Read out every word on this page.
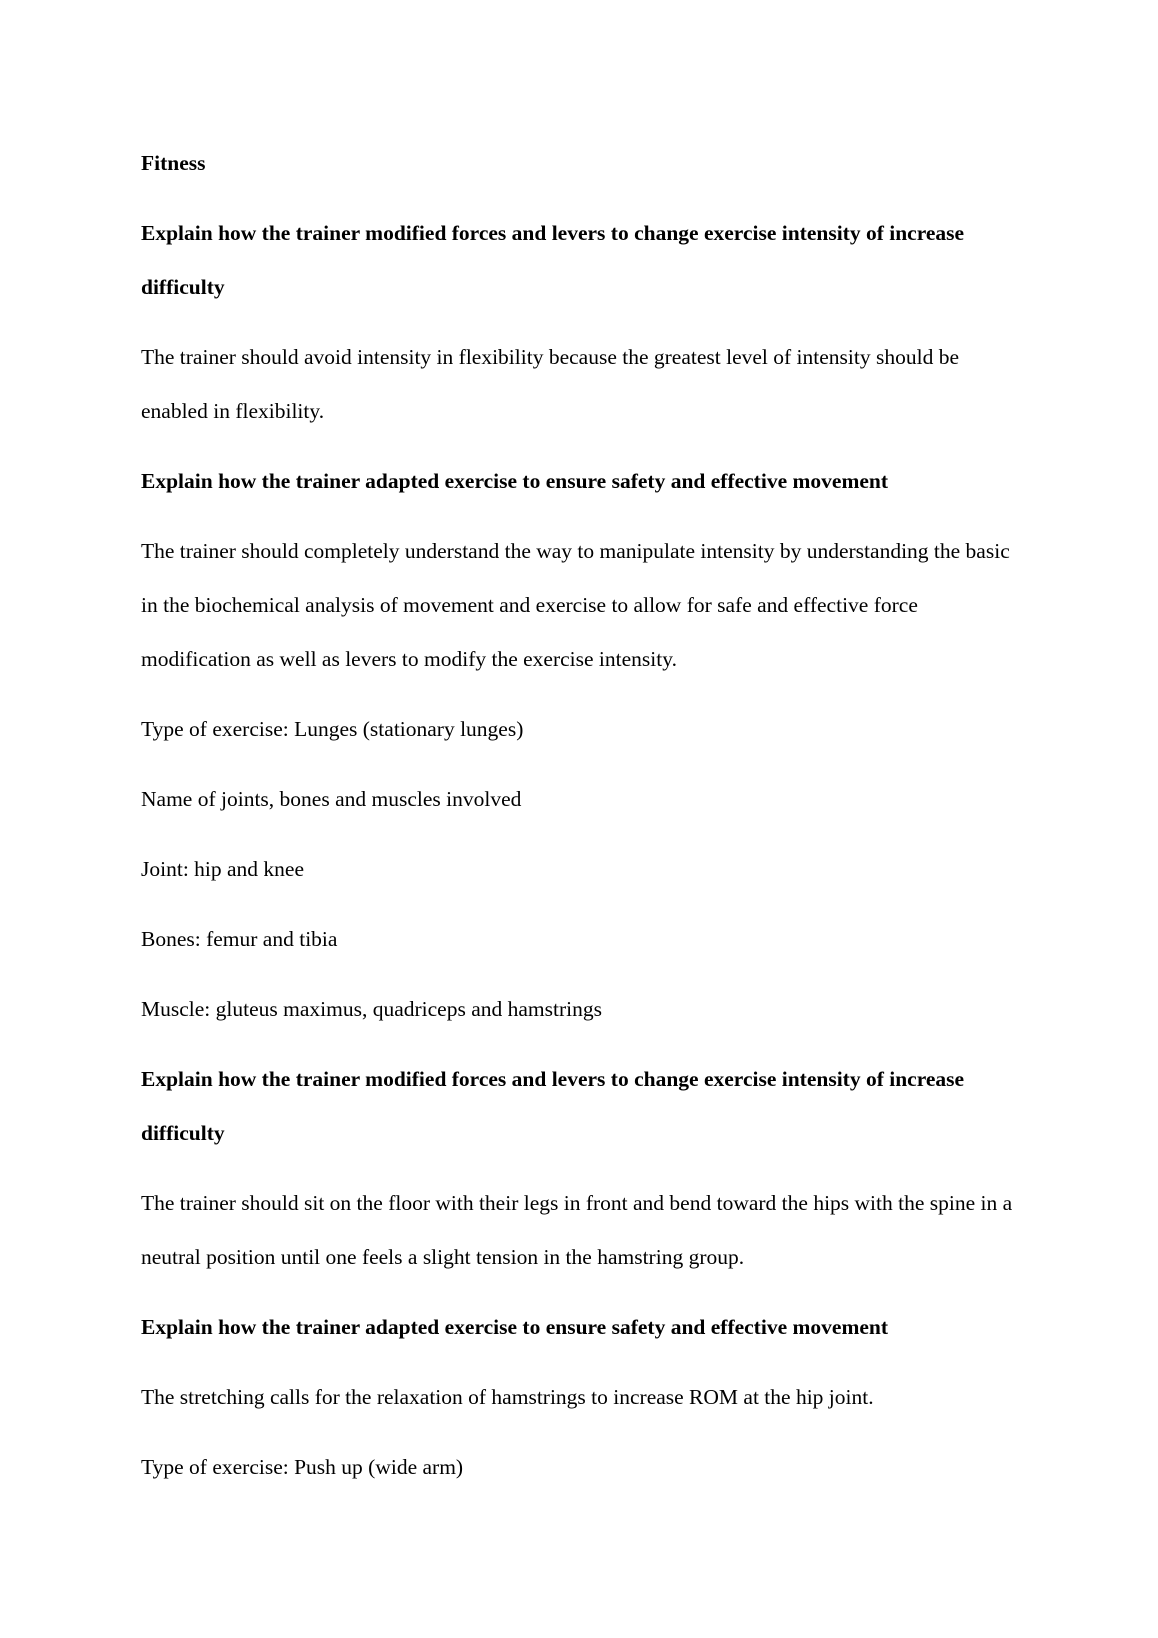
Fitness

Explain how the trainer modified forces and levers to change exercise intensity of increase difficulty

The trainer should avoid intensity in flexibility because the greatest level of intensity should be enabled in flexibility.

Explain how the trainer adapted exercise to ensure safety and effective movement

The trainer should completely understand the way to manipulate intensity by understanding the basic in the biochemical analysis of movement and exercise to allow for safe and effective force modification as well as levers to modify the exercise intensity.

Type of exercise: Lunges (stationary lunges)

Name of joints, bones and muscles involved

Joint: hip and knee

Bones: femur and tibia

Muscle: gluteus maximus, quadriceps and hamstrings

Explain how the trainer modified forces and levers to change exercise intensity of increase difficulty

The trainer should sit on the floor with their legs in front and bend toward the hips with the spine in a neutral position until one feels a slight tension in the hamstring group.

Explain how the trainer adapted exercise to ensure safety and effective movement

The stretching calls for the relaxation of hamstrings to increase ROM at the hip joint.

Type of exercise: Push up (wide arm)
